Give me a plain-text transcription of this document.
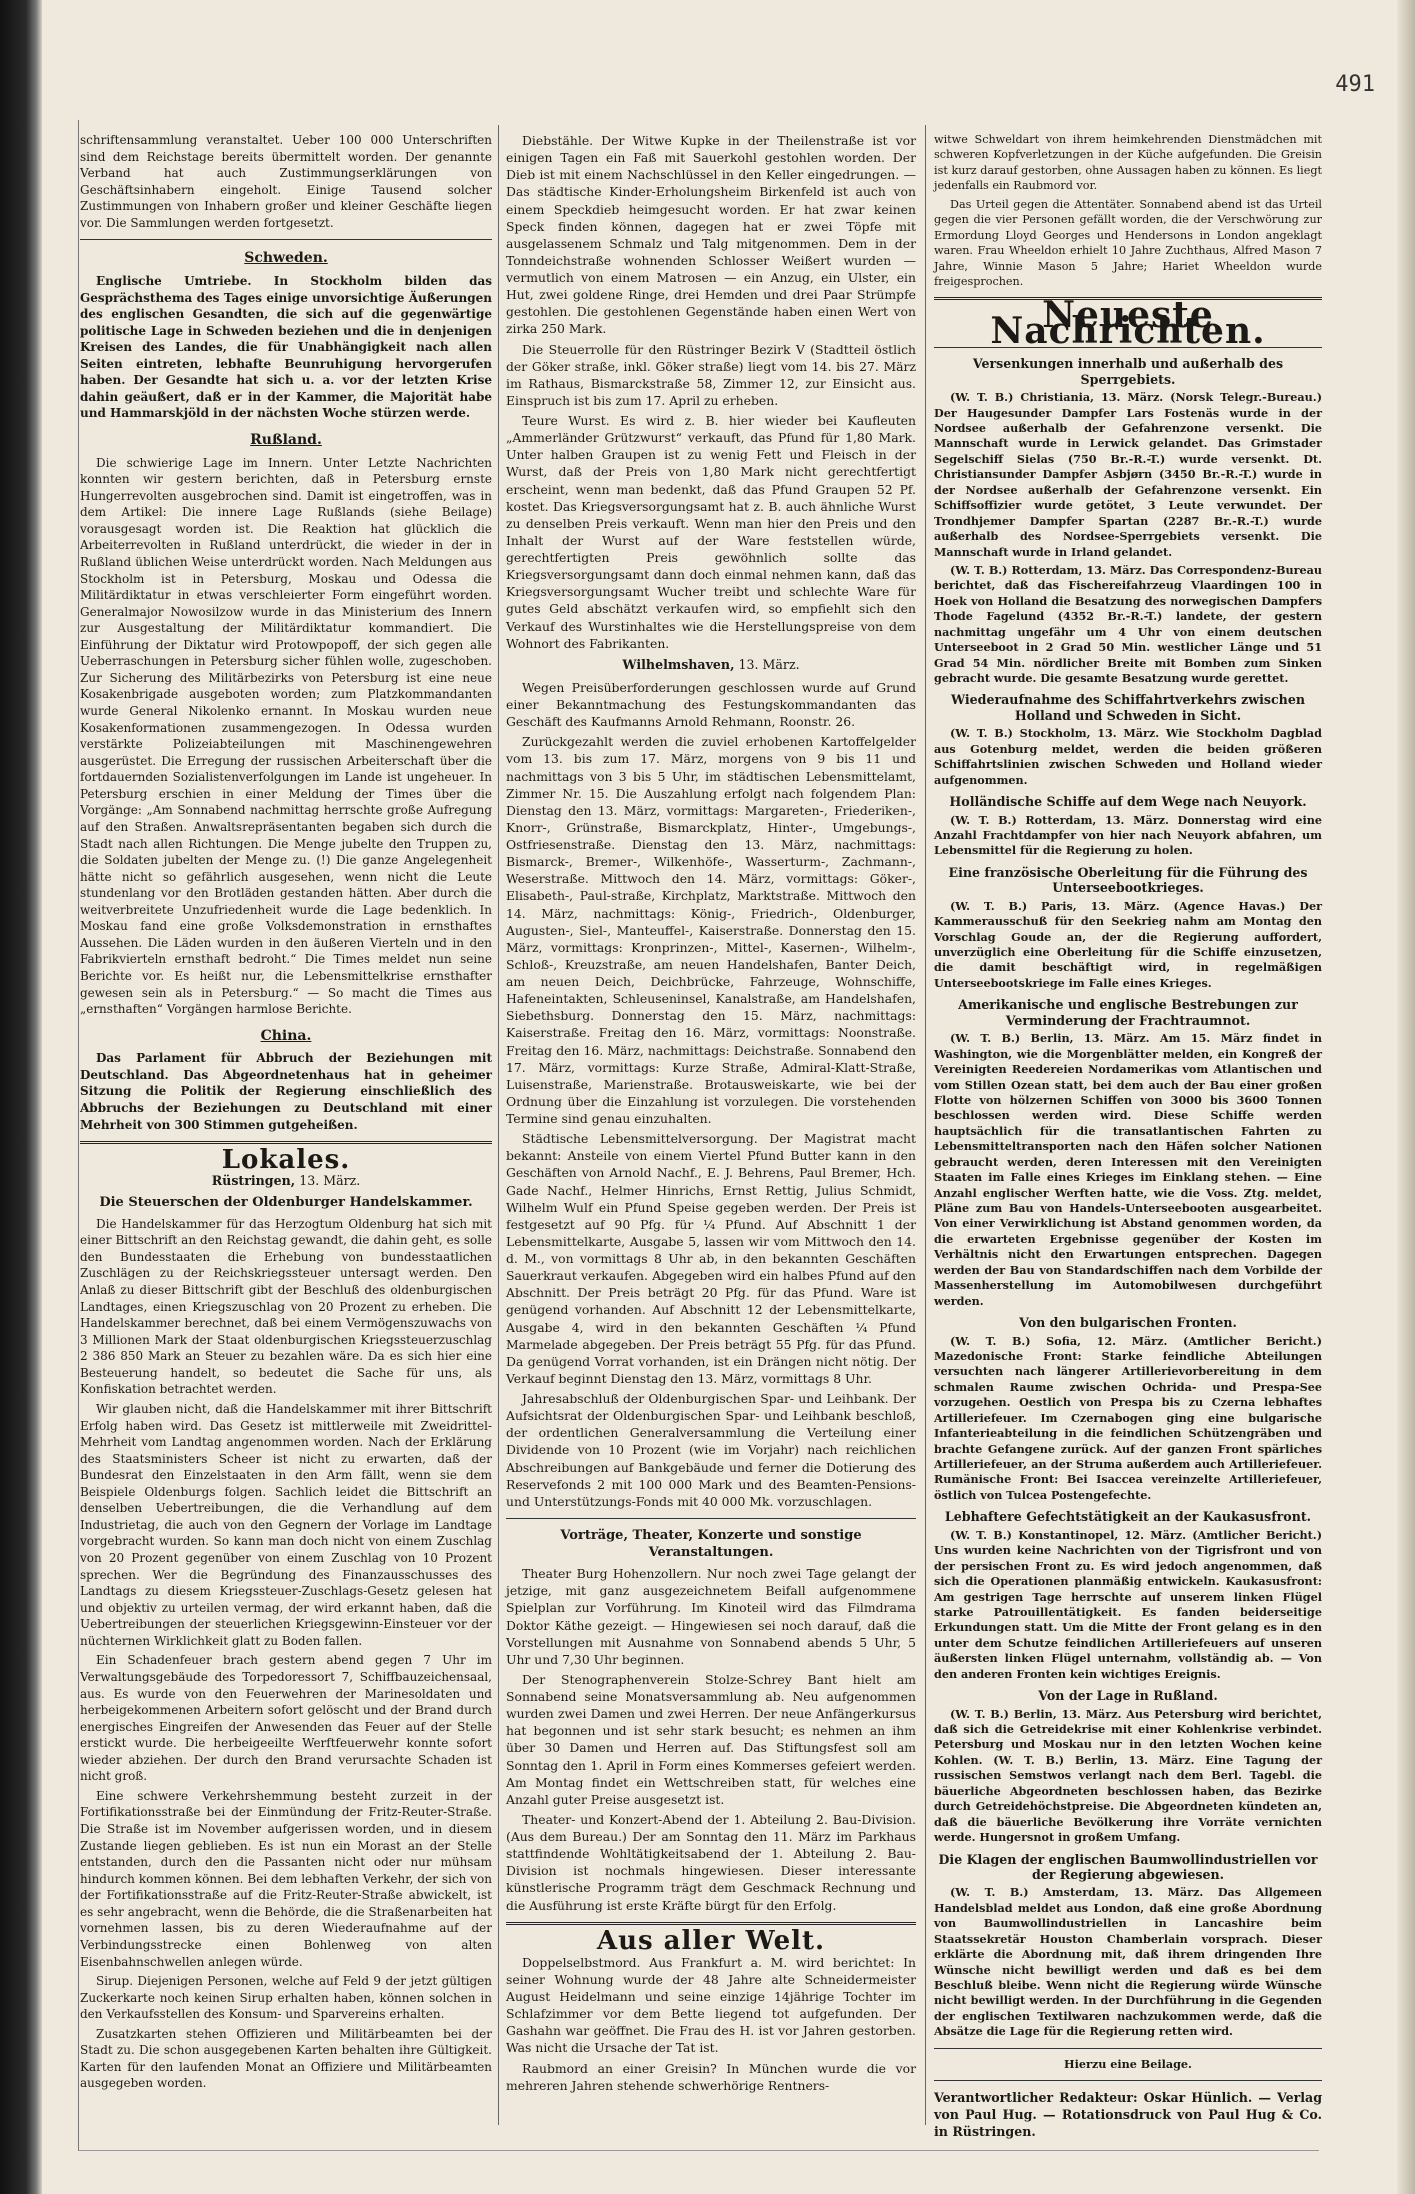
491

schriftensammlung veranstaltet. Ueber 100 000 Unterschriften sind dem Reichstage bereits übermittelt worden. Der genannte Verband hat auch Zustimmungserklärungen von Geschäftsinhabern eingeholt. Einige Tausend solcher Zustimmungen von Inhabern großer und kleiner Geschäfte liegen vor. Die Sammlungen werden fortgesetzt.

Schweden.

Englische Umtriebe. In Stockholm bilden das Gesprächsthema des Tages einige unvorsichtige Äußerungen des englischen Gesandten, die sich auf die gegenwärtige politische Lage in Schweden beziehen und die in denjenigen Kreisen des Landes, die für Unabhängigkeit nach allen Seiten eintreten, lebhafte Beunruhigung hervorgerufen haben. Der Gesandte hat sich u. a. vor der letzten Krise dahin geäußert, daß er in der Kammer, die Majorität habe und Hammarskjöld in der nächsten Woche stürzen werde.

Rußland.

Die schwierige Lage im Innern. Unter Letzte Nachrichten konnten wir gestern berichten, daß in Petersburg ernste Hungerrevolten ausgebrochen sind. Damit ist eingetroffen, was in dem Artikel: Die innere Lage Rußlands (siehe Beilage) vorausgesagt worden ist. Die Reaktion hat glücklich die Arbeiterrevolten in Rußland unterdrückt, die wieder in der in Rußland üblichen Weise unterdrückt worden. Nach Meldungen aus Stockholm ist in Petersburg, Moskau und Odessa die Militärdiktatur in etwas verschleierter Form eingeführt worden. Generalmajor Nowosilzow wurde in das Ministerium des Innern zur Ausgestaltung der Militärdiktatur kommandiert. Die Einführung der Diktatur wird Protowpopoff, der sich gegen alle Ueberraschungen in Petersburg sicher fühlen wolle, zugeschoben. Zur Sicherung des Militärbezirks von Petersburg ist eine neue Kosakenbrigade ausgeboten worden; zum Platzkommandanten wurde General Nikolenko ernannt. In Moskau wurden neue Kosakenformationen zusammengezogen. In Odessa wurden verstärkte Polizeiabteilungen mit Maschinengewehren ausgerüstet. Die Erregung der russischen Arbeiterschaft über die fortdauernden Sozialistenverfolgungen im Lande ist ungeheuer. In Petersburg erschien in einer Meldung der Times über die Vorgänge: „Am Sonnabend nachmittag herrschte große Aufregung auf den Straßen. Anwaltsrepräsentanten begaben sich durch die Stadt nach allen Richtungen. Die Menge jubelte den Truppen zu, die Soldaten jubelten der Menge zu. (!) Die ganze Angelegenheit hätte nicht so gefährlich ausgesehen, wenn nicht die Leute stundenlang vor den Brotläden gestanden hätten. Aber durch die weitverbreitete Unzufriedenheit wurde die Lage bedenklich. In Moskau fand eine große Volksdemonstration in ernsthaftes Aussehen. Die Läden wurden in den äußeren Vierteln und in den Fabrikvierteln ernsthaft bedroht.“ Die Times meldet nun seine Berichte vor. Es heißt nur, die Lebensmittelkrise ernsthafter gewesen sein als in Petersburg.“ — So macht die Times aus „ernsthaften“ Vorgängen harmlose Berichte.

China.

Das Parlament für Abbruch der Beziehungen mit Deutschland. Das Abgeordnetenhaus hat in geheimer Sitzung die Politik der Regierung einschließlich des Abbruchs der Beziehungen zu Deutschland mit einer Mehrheit von 300 Stimmen gutgeheißen.

Lokales.
Rüstringen, 13. März.
Die Steuerschen der Oldenburger Handelskammer.

Die Handelskammer für das Herzogtum Oldenburg hat sich mit einer Bittschrift an den Reichstag gewandt, die dahin geht, es solle den Bundesstaaten die Erhebung von bundesstaatlichen Zuschlägen zu der Reichskriegssteuer untersagt werden. Den Anlaß zu dieser Bittschrift gibt der Beschluß des oldenburgischen Landtages, einen Kriegszuschlag von 20 Prozent zu erheben. Die Handelskammer berechnet, daß bei einem Vermögenszuwachs von 3 Millionen Mark der Staat oldenburgischen Kriegssteuerzuschlag 2 386 850 Mark an Steuer zu bezahlen wäre. Da es sich hier eine Besteuerung handelt, so bedeutet die Sache für uns, als Konfiskation betrachtet werden.

Wir glauben nicht, daß die Handelskammer mit ihrer Bittschrift Erfolg haben wird. Das Gesetz ist mittlerweile mit Zweidrittel-Mehrheit vom Landtag angenommen worden. Nach der Erklärung des Staatsministers Scheer ist nicht zu erwarten, daß der Bundesrat den Einzelstaaten in den Arm fällt, wenn sie dem Beispiele Oldenburgs folgen. Sachlich leidet die Bittschrift an denselben Uebertreibungen, die die Verhandlung auf dem Industrietag, die auch von den Gegnern der Vorlage im Landtage vorgebracht wurden. So kann man doch nicht von einem Zuschlag von 20 Prozent gegenüber von einem Zuschlag von 10 Prozent sprechen. Wer die Begründung des Finanzausschusses des Landtags zu diesem Kriegssteuer-Zuschlags-Gesetz gelesen hat und objektiv zu urteilen vermag, der wird erkannt haben, daß die Uebertreibungen der steuerlichen Kriegsgewinn-Einsteuer vor der nüchternen Wirklichkeit glatt zu Boden fallen.

Ein Schadenfeuer brach gestern abend gegen 7 Uhr im Verwaltungsgebäude des Torpedoressort 7, Schiffbauzeichensaal, aus. Es wurde von den Feuerwehren der Marinesoldaten und herbeigekommenen Arbeitern sofort gelöscht und der Brand durch energisches Eingreifen der Anwesenden das Feuer auf der Stelle erstickt wurde. Die herbeigeeilte Werftfeuerwehr konnte sofort wieder abziehen. Der durch den Brand verursachte Schaden ist nicht groß.

Eine schwere Verkehrshemmung besteht zurzeit in der Fortifikationsstraße bei der Einmündung der Fritz-Reuter-Straße. Die Straße ist im November aufgerissen worden, und in diesem Zustande liegen geblieben. Es ist nun ein Morast an der Stelle entstanden, durch den die Passanten nicht oder nur mühsam hindurch kommen können. Bei dem lebhaften Verkehr, der sich von der Fortifikationsstraße auf die Fritz-Reuter-Straße abwickelt, ist es sehr angebracht, wenn die Behörde, die die Straßenarbeiten hat vornehmen lassen, bis zu deren Wiederaufnahme auf der Verbindungsstrecke einen Bohlenweg von alten Eisenbahnschwellen anlegen würde.

Sirup. Diejenigen Personen, welche auf Feld 9 der jetzt gültigen Zuckerkarte noch keinen Sirup erhalten haben, können solchen in den Verkaufsstellen des Konsum- und Sparvereins erhalten.

Zusatzkarten stehen Offizieren und Militärbeamten bei der Stadt zu. Die schon ausgegebenen Karten behalten ihre Gültigkeit. Karten für den laufenden Monat an Offiziere und Militärbeamten ausgegeben worden.

Diebstähle. Der Witwe Kupke in der Theilenstraße ist vor einigen Tagen ein Faß mit Sauerkohl gestohlen worden. Der Dieb ist mit einem Nachschlüssel in den Keller eingedrungen. — Das städtische Kinder-Erholungsheim Birkenfeld ist auch von einem Speckdieb heimgesucht worden. Er hat zwar keinen Speck finden können, dagegen hat er zwei Töpfe mit ausgelassenem Schmalz und Talg mitgenommen. Dem in der Tonndeichstraße wohnenden Schlosser Weißert wurden — vermutlich von einem Matrosen — ein Anzug, ein Ulster, ein Hut, zwei goldene Ringe, drei Hemden und drei Paar Strümpfe gestohlen. Die gestohlenen Gegenstände haben einen Wert von zirka 250 Mark.

Die Steuerrolle für den Rüstringer Bezirk V (Stadtteil östlich der Göker straße, inkl. Göker straße) liegt vom 14. bis 27. März im Rathaus, Bismarckstraße 58, Zimmer 12, zur Einsicht aus. Einspruch ist bis zum 17. April zu erheben.

Teure Wurst. Es wird z. B. hier wieder bei Kaufleuten „Ammerländer Grützwurst“ verkauft, das Pfund für 1,80 Mark. Unter halben Graupen ist zu wenig Fett und Fleisch in der Wurst, daß der Preis von 1,80 Mark nicht gerechtfertigt erscheint, wenn man bedenkt, daß das Pfund Graupen 52 Pf. kostet. Das Kriegsversorgungsamt hat z. B. auch ähnliche Wurst zu denselben Preis verkauft. Wenn man hier den Preis und den Inhalt der Wurst auf der Ware feststellen würde, gerechtfertigten Preis gewöhnlich sollte das Kriegsversorgungsamt dann doch einmal nehmen kann, daß das Kriegsversorgungsamt Wucher treibt und schlechte Ware für gutes Geld abschätzt verkaufen wird, so empfiehlt sich den Verkauf des Wurstinhaltes wie die Herstellungspreise von dem Wohnort des Fabrikanten.

Wilhelmshaven, 13. März.

Wegen Preisüberforderungen geschlossen wurde auf Grund einer Bekanntmachung des Festungskommandanten das Geschäft des Kaufmanns Arnold Rehmann, Roonstr. 26.

Zurückgezahlt werden die zuviel erhobenen Kartoffelgelder vom 13. bis zum 17. März, morgens von 9 bis 11 und nachmittags von 3 bis 5 Uhr, im städtischen Lebensmittelamt, Zimmer Nr. 15. Die Auszahlung erfolgt nach folgendem Plan: Dienstag den 13. März, vormittags: Margareten-, Friederiken-, Knorr-, Grünstraße, Bismarckplatz, Hinter-, Umgebungs-, Ostfriesenstraße. Dienstag den 13. März, nachmittags: Bismarck-, Bremer-, Wilkenhöfe-, Wasserturm-, Zachmann-, Weserstraße. Mittwoch den 14. März, vormittags: Göker-, Elisabeth-, Paul-straße, Kirchplatz, Marktstraße. Mittwoch den 14. März, nachmittags: König-, Friedrich-, Oldenburger, Augusten-, Siel-, Manteuffel-, Kaiserstraße. Donnerstag den 15. März, vormittags: Kronprinzen-, Mittel-, Kasernen-, Wilhelm-, Schloß-, Kreuzstraße, am neuen Handelshafen, Banter Deich, am neuen Deich, Deichbrücke, Fahrzeuge, Wohnschiffe, Hafeneintakten, Schleuseninsel, Kanalstraße, am Handelshafen, Siebethsburg. Donnerstag den 15. März, nachmittags: Kaiserstraße. Freitag den 16. März, vormittags: Noonstraße. Freitag den 16. März, nachmittags: Deichstraße. Sonnabend den 17. März, vormittags: Kurze Straße, Admiral-Klatt-Straße, Luisenstraße, Marienstraße. Brotausweiskarte, wie bei der Ordnung über die Einzahlung ist vorzulegen. Die vorstehenden Termine sind genau einzuhalten.

Städtische Lebensmittelversorgung. Der Magistrat macht bekannt: Ansteile von einem Viertel Pfund Butter kann in den Geschäften von Arnold Nachf., E. J. Behrens, Paul Bremer, Hch. Gade Nachf., Helmer Hinrichs, Ernst Rettig, Julius Schmidt, Wilhelm Wulf ein Pfund Speise gegeben werden. Der Preis ist festgesetzt auf 90 Pfg. für ¼ Pfund. Auf Abschnitt 1 der Lebensmittelkarte, Ausgabe 5, lassen wir vom Mittwoch den 14. d. M., von vormittags 8 Uhr ab, in den bekannten Geschäften Sauerkraut verkaufen. Abgegeben wird ein halbes Pfund auf den Abschnitt. Der Preis beträgt 20 Pfg. für das Pfund. Ware ist genügend vorhanden. Auf Abschnitt 12 der Lebensmittelkarte, Ausgabe 4, wird in den bekannten Geschäften ¼ Pfund Marmelade abgegeben. Der Preis beträgt 55 Pfg. für das Pfund. Da genügend Vorrat vorhanden, ist ein Drängen nicht nötig. Der Verkauf beginnt Dienstag den 13. März, vormittags 8 Uhr.

Jahresabschluß der Oldenburgischen Spar- und Leihbank. Der Aufsichtsrat der Oldenburgischen Spar- und Leihbank beschloß, der ordentlichen Generalversammlung die Verteilung einer Dividende von 10 Prozent (wie im Vorjahr) nach reichlichen Abschreibungen auf Bankgebäude und ferner die Dotierung des Reservefonds 2 mit 100 000 Mark und des Beamten-Pensions- und Unterstützungs-Fonds mit 40 000 Mk. vorzuschlagen.

Vorträge, Theater, Konzerte und sonstige Veranstaltungen.

Theater Burg Hohenzollern. Nur noch zwei Tage gelangt der jetzige, mit ganz ausgezeichnetem Beifall aufgenommene Spielplan zur Vorführung. Im Kinoteil wird das Filmdrama Doktor Käthe gezeigt. — Hingewiesen sei noch darauf, daß die Vorstellungen mit Ausnahme von Sonnabend abends 5 Uhr, 5 Uhr und 7,30 Uhr beginnen.

Der Stenographenverein Stolze-Schrey Bant hielt am Sonnabend seine Monatsversammlung ab. Neu aufgenommen wurden zwei Damen und zwei Herren. Der neue Anfängerkursus hat begonnen und ist sehr stark besucht; es nehmen an ihm über 30 Damen und Herren auf. Das Stiftungsfest soll am Sonntag den 1. April in Form eines Kommerses gefeiert werden. Am Montag findet ein Wettschreiben statt, für welches eine Anzahl guter Preise ausgesetzt ist.

Theater- und Konzert-Abend der 1. Abteilung 2. Bau-Division. (Aus dem Bureau.) Der am Sonntag den 11. März im Parkhaus stattfindende Wohltätigkeitsabend der 1. Abteilung 2. Bau-Division ist nochmals hingewiesen. Dieser interessante künstlerische Programm trägt dem Geschmack Rechnung und die Ausführung ist erste Kräfte bürgt für den Erfolg.

Aus aller Welt.

Doppelselbstmord. Aus Frankfurt a. M. wird berichtet: In seiner Wohnung wurde der 48 Jahre alte Schneidermeister August Heidelmann und seine einzige 14jährige Tochter im Schlafzimmer vor dem Bette liegend tot aufgefunden. Der Gashahn war geöffnet. Die Frau des H. ist vor Jahren gestorben. Was nicht die Ursache der Tat ist.

Raubmord an einer Greisin? In München wurde die vor mehreren Jahren stehende schwerhörige Rentners-

witwe Schweldart von ihrem heimkehrenden Dienstmädchen mit schweren Kopfverletzungen in der Küche aufgefunden. Die Greisin ist kurz darauf gestorben, ohne Aussagen haben zu können. Es liegt jedenfalls ein Raubmord vor.

Das Urteil gegen die Attentäter. Sonnabend abend ist das Urteil gegen die vier Personen gefällt worden, die der Verschwörung zur Ermordung Lloyd Georges und Hendersons in London angeklagt waren. Frau Wheeldon erhielt 10 Jahre Zuchthaus, Alfred Mason 7 Jahre, Winnie Mason 5 Jahre; Hariet Wheeldon wurde freigesprochen.

Neueste Nachrichten.
Versenkungen innerhalb und außerhalb des Sperrgebiets.

(W. T. B.) Christiania, 13. März. (Norsk Telegr.-Bureau.) Der Haugesunder Dampfer Lars Fostenäs wurde in der Nordsee außerhalb der Gefahrenzone versenkt. Die Mannschaft wurde in Lerwick gelandet. Das Grimstader Segelschiff Sielas (750 Br.-R.-T.) wurde versenkt. Dt. Christiansunder Dampfer Asbjørn (3450 Br.-R.-T.) wurde in der Nordsee außerhalb der Gefahrenzone versenkt. Ein Schiffsoffizier wurde getötet, 3 Leute verwundet. Der Trondhjemer Dampfer Spartan (2287 Br.-R.-T.) wurde außerhalb des Nordsee-Sperrgebiets versenkt. Die Mannschaft wurde in Irland gelandet.

(W. T. B.) Rotterdam, 13. März. Das Correspondenz-Bureau berichtet, daß das Fischereifahrzeug Vlaardingen 100 in Hoek von Holland die Besatzung des norwegischen Dampfers Thode Fagelund (4352 Br.-R.-T.) landete, der gestern nachmittag ungefähr um 4 Uhr von einem deutschen Unterseeboot in 2 Grad 50 Min. westlicher Länge und 51 Grad 54 Min. nördlicher Breite mit Bomben zum Sinken gebracht wurde. Die gesamte Besatzung wurde gerettet.

Wiederaufnahme des Schiffahrtverkehrs zwischen Holland und Schweden in Sicht.

(W. T. B.) Stockholm, 13. März. Wie Stockholm Dagblad aus Gotenburg meldet, werden die beiden größeren Schiffahrtslinien zwischen Schweden und Holland wieder aufgenommen.

Holländische Schiffe auf dem Wege nach Neuyork.

(W. T. B.) Rotterdam, 13. März. Donnerstag wird eine Anzahl Frachtdampfer von hier nach Neuyork abfahren, um Lebensmittel für die Regierung zu holen.

Eine französische Oberleitung für die Führung des Unterseebootkrieges.

(W. T. B.) Paris, 13. März. (Agence Havas.) Der Kammerausschuß für den Seekrieg nahm am Montag den Vorschlag Goude an, der die Regierung auffordert, unverzüglich eine Oberleitung für die Schiffe einzusetzen, die damit beschäftigt wird, in regelmäßigen Unterseebootskriege im Falle eines Krieges.

Amerikanische und englische Bestrebungen zur Verminderung der Frachtraumnot.

(W. T. B.) Berlin, 13. März. Am 15. März findet in Washington, wie die Morgenblätter melden, ein Kongreß der Vereinigten Reedereien Nordamerikas vom Atlantischen und vom Stillen Ozean statt, bei dem auch der Bau einer großen Flotte von hölzernen Schiffen von 3000 bis 3600 Tonnen beschlossen werden wird. Diese Schiffe werden hauptsächlich für die transatlantischen Fahrten zu Lebensmitteltransporten nach den Häfen solcher Nationen gebraucht werden, deren Interessen mit den Vereinigten Staaten im Falle eines Krieges im Einklang stehen. — Eine Anzahl englischer Werften hatte, wie die Voss. Ztg. meldet, Pläne zum Bau von Handels-Unterseebooten ausgearbeitet. Von einer Verwirklichung ist Abstand genommen worden, da die erwarteten Ergebnisse gegenüber der Kosten im Verhältnis nicht den Erwartungen entsprechen. Dagegen werden der Bau von Standardschiffen nach dem Vorbilde der Massenherstellung im Automobilwesen durchgeführt werden.

Von den bulgarischen Fronten.

(W. T. B.) Sofia, 12. März. (Amtlicher Bericht.) Mazedonische Front: Starke feindliche Abteilungen versuchten nach längerer Artillerievorbereitung in dem schmalen Raume zwischen Ochrida- und Prespa-See vorzugehen. Oestlich von Prespa bis zu Czerna lebhaftes Artilleriefeuer. Im Czernabogen ging eine bulgarische Infanterieabteilung in die feindlichen Schützengräben und brachte Gefangene zurück. Auf der ganzen Front spärliches Artilleriefeuer, an der Struma außerdem auch Artilleriefeuer. Rumänische Front: Bei Isaccea vereinzelte Artilleriefeuer, östlich von Tulcea Postengefechte.

Lebhaftere Gefechtstätigkeit an der Kaukasusfront.

(W. T. B.) Konstantinopel, 12. März. (Amtlicher Bericht.) Uns wurden keine Nachrichten von der Tigrisfront und von der persischen Front zu. Es wird jedoch angenommen, daß sich die Operationen planmäßig entwickeln. Kaukasusfront: Am gestrigen Tage herrschte auf unserem linken Flügel starke Patrouillentätigkeit. Es fanden beiderseitige Erkundungen statt. Um die Mitte der Front gelang es in den unter dem Schutze feindlichen Artilleriefeuers auf unseren äußersten linken Flügel unternahm, vollständig ab. — Von den anderen Fronten kein wichtiges Ereignis.

Von der Lage in Rußland.

(W. T. B.) Berlin, 13. März. Aus Petersburg wird berichtet, daß sich die Getreidekrise mit einer Kohlenkrise verbindet. Petersburg und Moskau nur in den letzten Wochen keine Kohlen. (W. T. B.) Berlin, 13. März. Eine Tagung der russischen Semstwos verlangt nach dem Berl. Tagebl. die bäuerliche Abgeordneten beschlossen haben, das Bezirke durch Getreidehöchstpreise. Die Abgeordneten kündeten an, daß die bäuerliche Bevölkerung ihre Vorräte vernichten werde. Hungersnot in großem Umfang.

Die Klagen der englischen Baumwollindustriellen vor der Regierung abgewiesen.

(W. T. B.) Amsterdam, 13. März. Das Allgemeen Handelsblad meldet aus London, daß eine große Abordnung von Baumwollindustriellen in Lancashire beim Staatssekretär Houston Chamberlain vorsprach. Dieser erklärte die Abordnung mit, daß ihrem dringenden Ihre Wünsche nicht bewilligt werden und daß es bei dem Beschluß bleibe. Wenn nicht die Regierung würde Wünsche nicht bewilligt werden. In der Durchführung in die Gegenden der englischen Textilwaren nachzukommen werde, daß die Absätze die Lage für die Regierung retten wird.

Hierzu eine Beilage.
Verantwortlicher Redakteur: Oskar Hünlich. — Verlag von Paul Hug. — Rotationsdruck von Paul Hug & Co. in Rüstringen.
